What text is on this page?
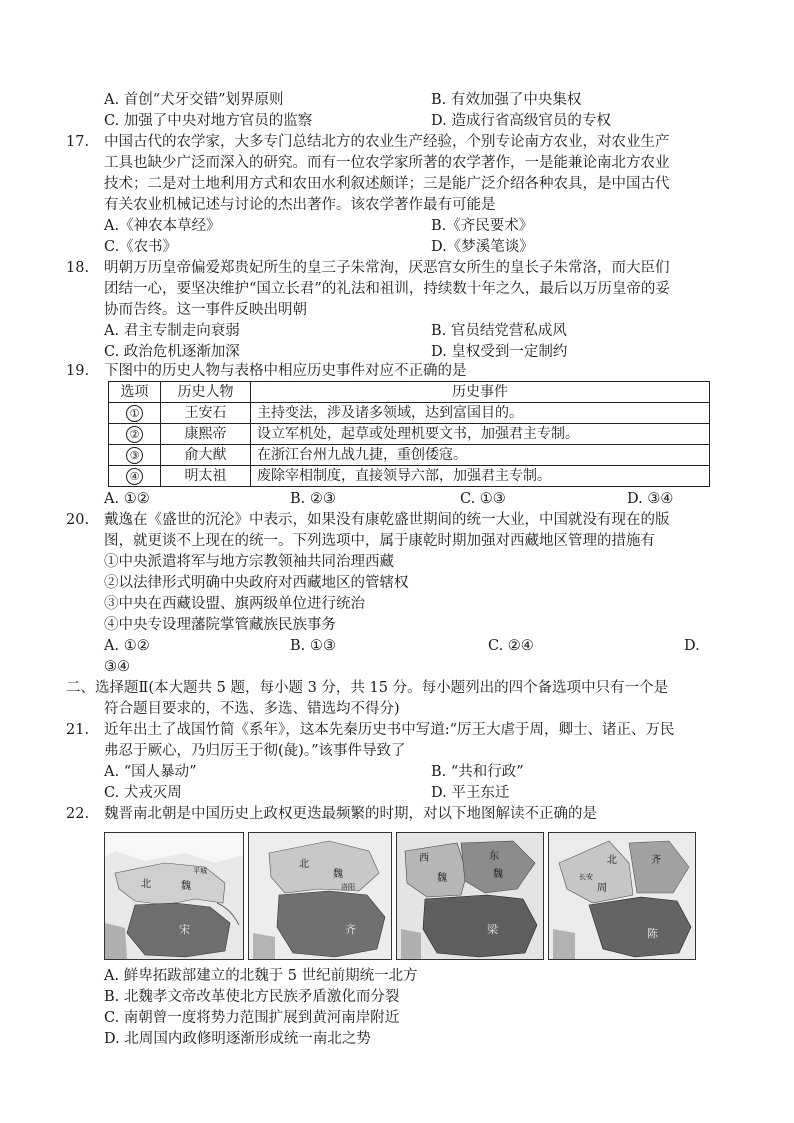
A. 首创“犬牙交错”划界原则	B. 有效加强了中央集权
C. 加强了中央对地方官员的监察	D. 造成行省高级官员的专权
17. 中国古代的农学家，大多专门总结北方的农业生产经验，个别专论南方农业，对农业生产
工具也缺少广泛而深入的研究。而有一位农学家所著的农学著作，一是能兼论南北方农业
技术；二是对土地利用方式和农田水利叙述颇详；三是能广泛介绍各种农具，是中国古代
有关农业机械记述与讨论的杰出著作。该农学著作最有可能是
A.《神农本草经》	B.《齐民要术》
C.《农书》	D.《梦溪笔谈》
18. 明朝万历皇帝偏爱郑贵妃所生的皇三子朱常洵，厌恶宫女所生的皇长子朱常洛，而大臣们
团结一心，要坚决维护“国立长君”的礼法和祖训，持续数十年之久，最后以万历皇帝的妥
协而告终。这一事件反映出明朝
A. 君主专制走向衰弱	B. 官员结党营私成风
C. 政治危机逐渐加深	D. 皇权受到一定制约
19. 下图中的历史人物与表格中相应历史事件对应不正确的是
选项	历史人物	历史事件
①	王安石	主持变法，涉及诸多领域，达到富国目的。
②	康熙帝	设立军机处，起草或处理机要文书，加强君主专制。
③	俞大猷	在浙江台州九战九捷，重创倭寇。
④	明太祖	废除宰相制度，直接领导六部，加强君主专制。
A. ①②	B. ②③	C. ①③	D. ③④
20. 戴逸在《盛世的沉沦》中表示，如果没有康乾盛世期间的统一大业，中国就没有现在的版
图，就更谈不上现在的统一。下列选项中，属于康乾时期加强对西藏地区管理的措施有
①中央派遣将军与地方宗教领袖共同治理西藏
②以法律形式明确中央政府对西藏地区的管辖权
③中央在西藏设盟、旗两级单位进行统治
④中央专设理藩院掌管藏族民族事务
A. ①②	B. ①③	C. ②④	D.
③④
二、选择题Ⅱ(本大题共 5 题，每小题 3 分，共 15 分。每小题列出的四个备选项中只有一个是
符合题目要求的，不选、多选、错选均不得分)
21. 近年出土了战国竹简《系年》，这本先秦历史书中写道:“厉王大虐于周，卿士、诸正、万民
弗忍于厥心，乃归厉王于彻(彘)。”该事件导致了
A. “国人暴动”	B. “共和行政”
C. 犬戎灭周	D. 平王东迁
22. 魏晋南北朝是中国历史上政权更迭最频繁的时期，对以下地图解读不正确的是
北	魏
平城
宋
北
魏
洛阳
齐
西
魏
东
魏
梁
北
周
齐
长安
陈
A. 鲜卑拓跋部建立的北魏于 5 世纪前期统一北方
B. 北魏孝文帝改革使北方民族矛盾激化而分裂
C. 南朝曾一度将势力范围扩展到黄河南岸附近
D. 北周国内政修明逐渐形成统一南北之势
